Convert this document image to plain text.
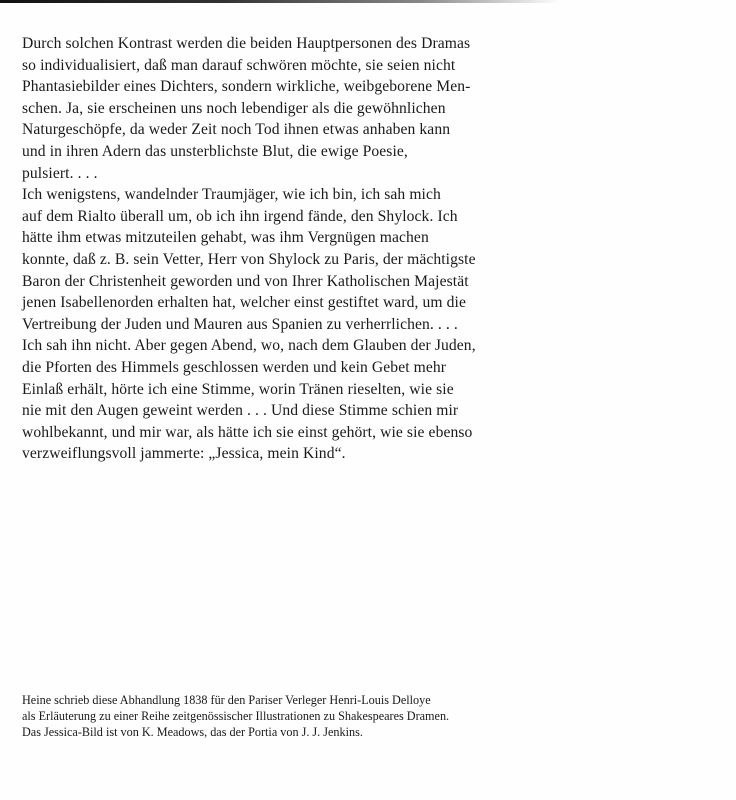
Durch solchen Kontrast werden die beiden Hauptpersonen des Dramas
so individualisiert, daß man darauf schwören möchte, sie seien nicht
Phantasiebilder eines Dichters, sondern wirkliche, weibgeborene Men-
schen. Ja, sie erscheinen uns noch lebendiger als die gewöhnlichen
Naturgeschöpfe, da weder Zeit noch Tod ihnen etwas anhaben kann
und in ihren Adern das unsterblichste Blut, die ewige Poesie,
pulsiert. . . .
Ich wenigstens, wandelnder Traumjäger, wie ich bin, ich sah mich
auf dem Rialto überall um, ob ich ihn irgend fände, den Shylock. Ich
hätte ihm etwas mitzuteilen gehabt, was ihm Vergnügen machen
konnte, daß z. B. sein Vetter, Herr von Shylock zu Paris, der mächtigste
Baron der Christenheit geworden und von Ihrer Katholischen Majestät
jenen Isabellenorden erhalten hat, welcher einst gestiftet ward, um die
Vertreibung der Juden und Mauren aus Spanien zu verherrlichen. . . .
Ich sah ihn nicht. Aber gegen Abend, wo, nach dem Glauben der Juden,
die Pforten des Himmels geschlossen werden und kein Gebet mehr
Einlaß erhält, hörte ich eine Stimme, worin Tränen rieselten, wie sie
nie mit den Augen geweint werden . . . Und diese Stimme schien mir
wohlbekannt, und mir war, als hätte ich sie einst gehört, wie sie ebenso
verzweiflungsvoll jammerte: „Jessica, mein Kind“.
Heine schrieb diese Abhandlung 1838 für den Pariser Verleger Henri-Louis Delloye
als Erläuterung zu einer Reihe zeitgenössischer Illustrationen zu Shakespeares Dramen.
Das Jessica-Bild ist von K. Meadows, das der Portia von J. J. Jenkins.
